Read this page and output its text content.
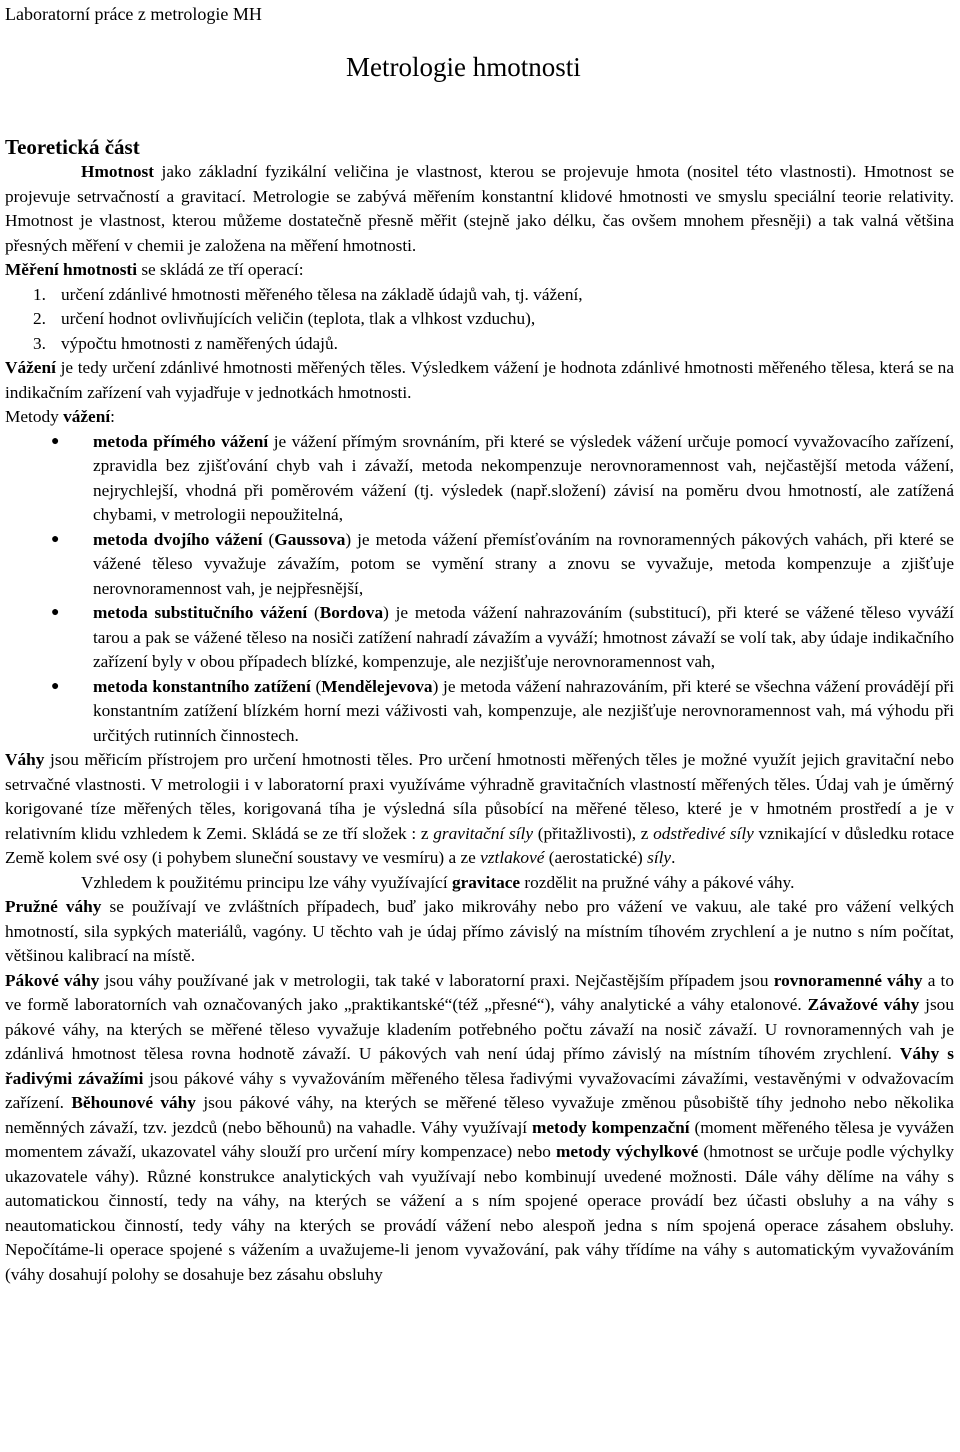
Laboratorní práce z metrologie MH
Metrologie hmotnosti

Teoretická část

Hmotnost jako základní fyzikální veličina je vlastnost, kterou se projevuje hmota (nositel této vlastnosti). Hmotnost se projevuje setrvačností a gravitací. Metrologie se zabývá měřením konstantní klidové hmotnosti ve smyslu speciální teorie relativity. Hmotnost je vlastnost, kterou můžeme dostatečně přesně měřit (stejně jako délku, čas ovšem mnohem přesněji) a tak valná většina přesných měření v chemii je založena na měření hmotnosti.

Měření hmotnosti se skládá ze tří operací:

1. určení zdánlivé hmotnosti měřeného tělesa na základě údajů vah, tj. vážení,

2. určení hodnot ovlivňujících veličin (teplota, tlak a vlhkost vzduchu),

3. výpočtu hmotnosti z naměřených údajů.

Vážení je tedy určení zdánlivé hmotnosti měřených těles. Výsledkem vážení je hodnota zdánlivé hmotnosti měřeného tělesa, která se na indikačním zařízení vah vyjadřuje v jednotkách hmotnosti.

Metody vážení:

● metoda přímého vážení je vážení přímým srovnáním, při které se výsledek vážení určuje pomocí vyvažovacího zařízení, zpravidla bez zjišťování chyb vah i závaží, metoda nekompenzuje nerovnoramennost vah, nejčastější metoda vážení, nejrychlejší, vhodná při poměrovém vážení (tj. výsledek (např.složení) závisí na poměru dvou hmotností, ale zatížená chybami, v metrologii nepoužitelná,
● metoda dvojího vážení (Gaussova) je metoda vážení přemísťováním na rovnoramenných pákových vahách, při které se vážené těleso vyvažuje závažím, potom se vymění strany a znovu se vyvažuje, metoda kompenzuje a zjišťuje nerovnoramennost vah, je nejpřesnější,
● metoda substitučního vážení (Bordova) je metoda vážení nahrazováním (substitucí), při které se vážené těleso vyváží tarou a pak se vážené těleso na nosiči zatížení nahradí závažím a vyváží; hmotnost závaží se volí tak, aby údaje indikačního zařízení byly v obou případech blízké, kompenzuje, ale nezjišťuje nerovnoramennost vah,
● metoda konstantního zatížení (Mendělejevova) je metoda vážení nahrazováním, při které se všechna vážení provádějí při konstantním zatížení blízkém horní mezi váživosti vah, kompenzuje, ale nezjišťuje nerovnoramennost vah, má výhodu při určitých rutinních činnostech.

Váhy jsou měřicím přístrojem pro určení hmotnosti těles. Pro určení hmotnosti měřených těles je možné využít jejich gravitační nebo setrvačné vlastnosti. V metrologii i v laboratorní praxi využíváme výhradně gravitačních vlastností měřených těles. Údaj vah je úměrný korigované tíze měřených těles, korigovaná tíha je výsledná síla působící na měřené těleso, které je v hmotném prostředí a je v relativním klidu vzhledem k Zemi. Skládá se ze tří složek : z gravitační síly (přitažlivosti), z odstředivé síly vznikající v důsledku rotace Země kolem své osy (i pohybem sluneční soustavy ve vesmíru) a ze vztlakové (aerostatické) síly.

Vzhledem k použitému principu lze váhy využívající gravitace rozdělit na pružné váhy a pákové váhy.

Pružné váhy se používají ve zvláštních případech, buď jako mikrováhy nebo pro vážení ve vakuu, ale také pro vážení velkých hmotností, sila sypkých materiálů, vagóny. U těchto vah je údaj přímo závislý na místním tíhovém zrychlení a je nutno s ním počítat, většinou kalibrací na místě.

Pákové váhy jsou váhy používané jak v metrologii, tak také v laboratorní praxi. Nejčastějším případem jsou rovnoramenné váhy a to ve formě laboratorních vah označovaných jako „praktikantské“(též „přesné“), váhy analytické a váhy etalonové. Závažové váhy jsou pákové váhy, na kterých se měřené těleso vyvažuje kladením potřebného počtu závaží na nosič závaží. U rovnoramenných vah je zdánlivá hmotnost tělesa rovna hodnotě závaží. U pákových vah není údaj přímo závislý na místním tíhovém zrychlení. Váhy s řadivými závažími jsou pákové váhy s vyvažováním měřeného tělesa řadivými vyvažovacími závažími, vestavěnými v odvažovacím zařízení. Běhounové váhy jsou pákové váhy, na kterých se měřené těleso vyvažuje změnou působiště tíhy jednoho nebo několika neměnných závaží, tzv. jezdců (nebo běhounů) na vahadle. Váhy využívají metody kompenzační (moment měřeného tělesa je vyvážen momentem závaží, ukazovatel váhy slouží pro určení míry kompenzace) nebo metody výchylkové (hmotnost se určuje podle výchylky ukazovatele váhy). Různé konstrukce analytických vah využívají nebo kombinují uvedené možnosti. Dále váhy dělíme na váhy s automatickou činností, tedy na váhy, na kterých se vážení a s ním spojené operace provádí bez účasti obsluhy a na váhy s neautomatickou činností, tedy váhy na kterých se provádí vážení nebo alespoň jedna s ním spojená operace zásahem obsluhy. Nepočítáme-li operace spojené s vážením a uvažujeme-li jenom vyvažování, pak váhy třídíme na váhy s automatickým vyvažováním (váhy dosahují polohy se dosahuje bez zásahu obsluhy
